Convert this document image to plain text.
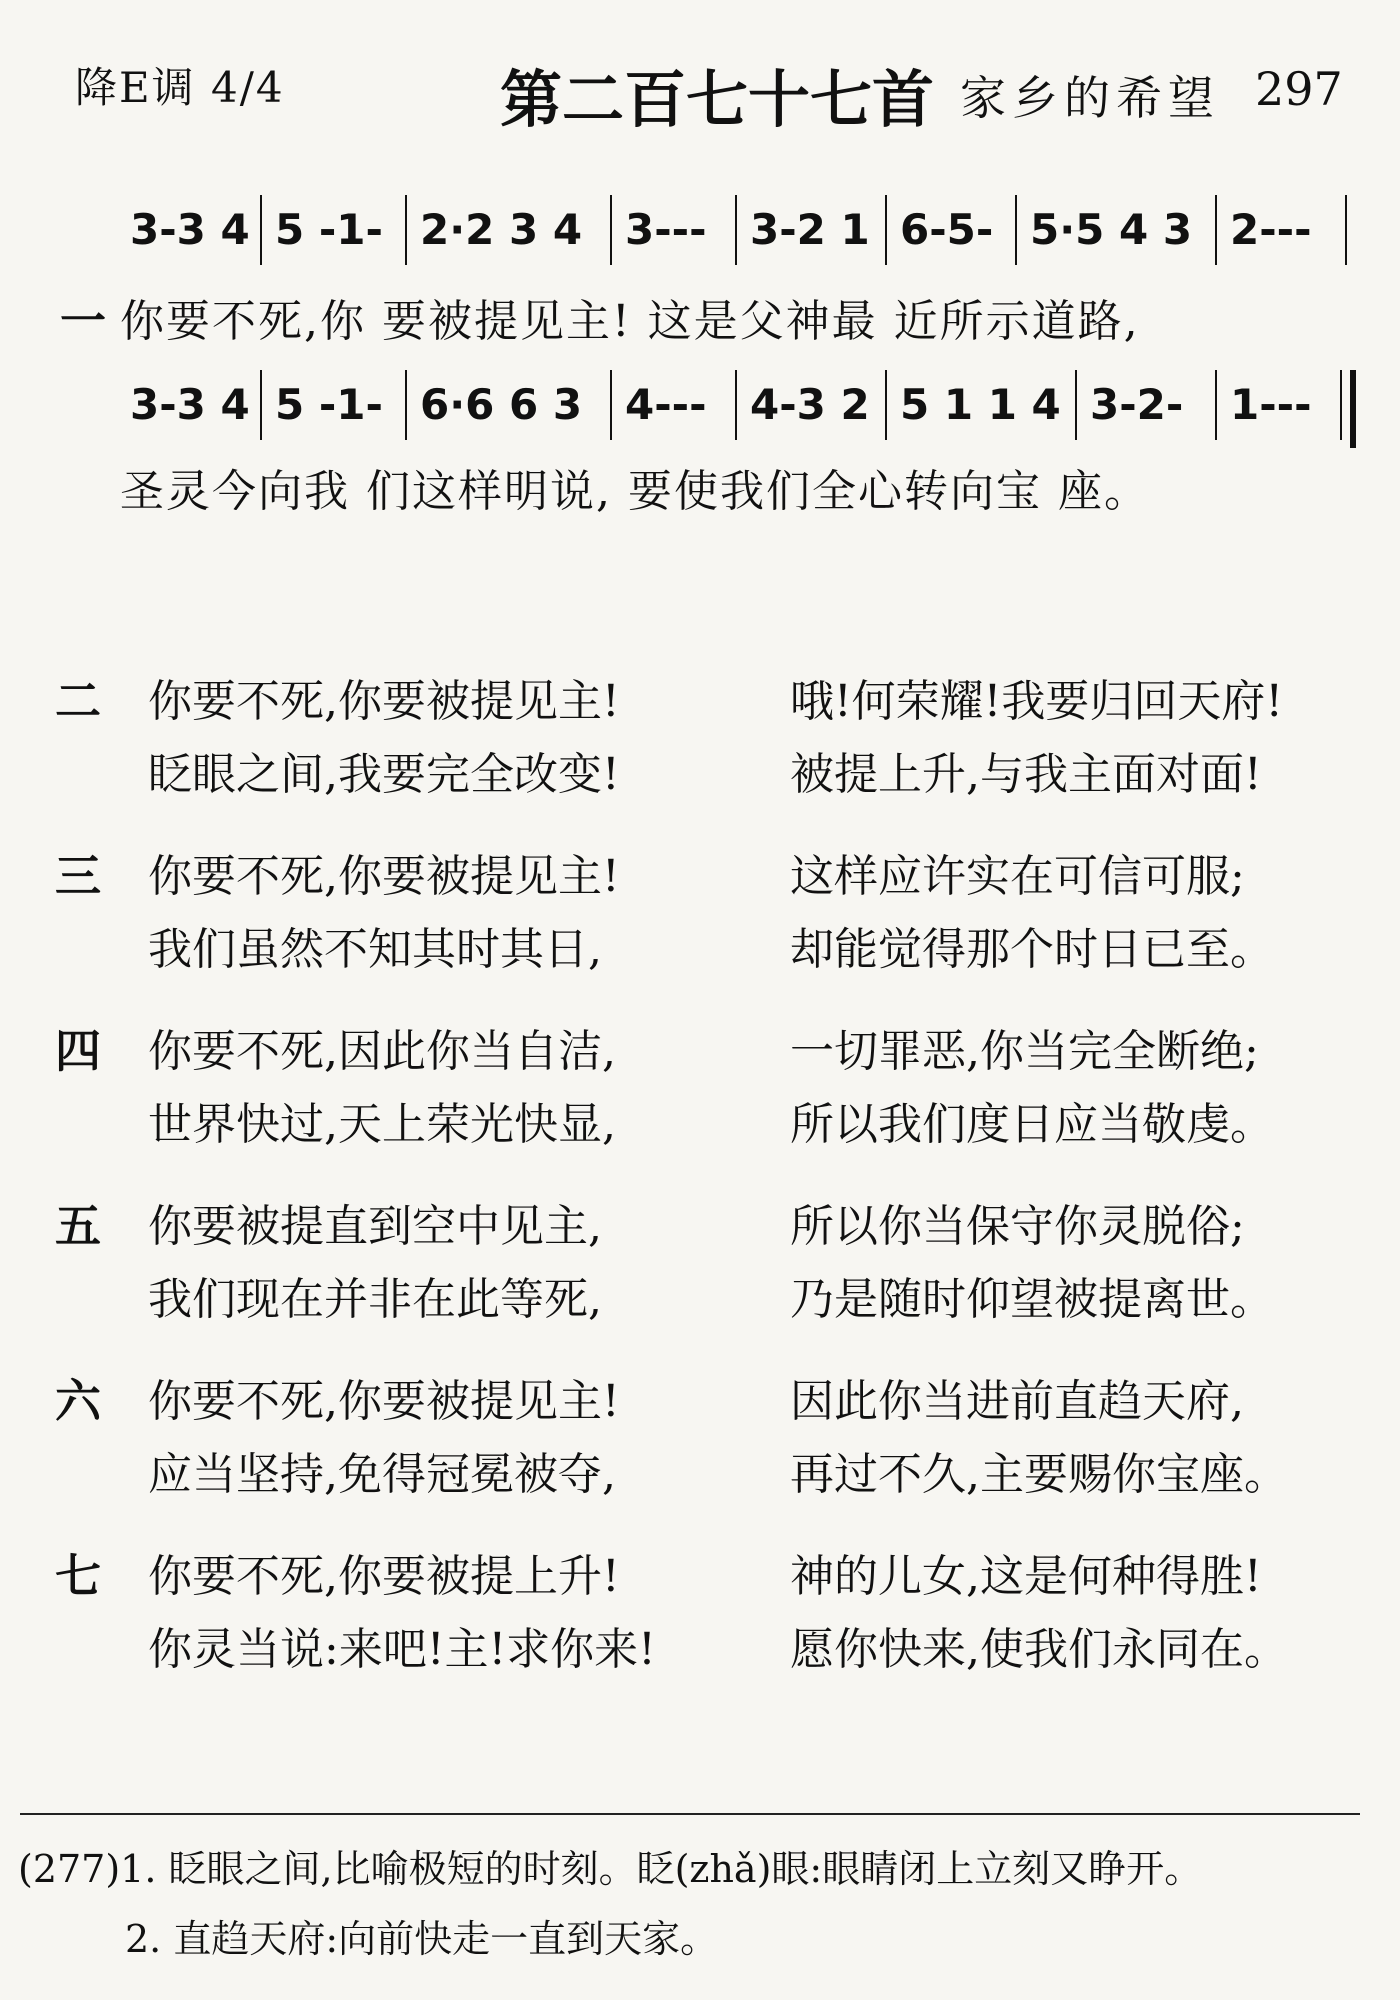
降E调 4/4	第二百七十七首 家乡的希望 297
3-3 4 5 -1- 2·2 3 4 3--- 3-2 1 6-5- 5·5 4 3 2---
一 你要不死,你 要被提见主! 这是父神最 近所示道路,
3-3 4 5 -1- 6·6 6 3 4--- 4-3 2 5 1 1 4 3-2- 1---
圣灵今向我 们这样明说, 要使我们全心转向宝 座。
二 你要不死,你要被提见主!
眨眼之间,我要完全改变!
哦!何荣耀!我要归回天府!
被提上升,与我主面对面!
三 你要不死,你要被提见主!
我们虽然不知其时其日,
这样应许实在可信可服;
却能觉得那个时日已至。
四 你要不死,因此你当自洁,
世界快过,天上荣光快显,
一切罪恶,你当完全断绝;
所以我们度日应当敬虔。
五 你要被提直到空中见主,
我们现在并非在此等死,
所以你当保守你灵脱俗;
乃是随时仰望被提离世。
六 你要不死,你要被提见主!
应当坚持,免得冠冕被夺,
因此你当进前直趋天府,
再过不久,主要赐你宝座。
七 你要不死,你要被提上升!
你灵当说:来吧!主!求你来!
神的儿女,这是何种得胜!
愿你快来,使我们永同在。
(277)1. 眨眼之间,比喻极短的时刻。眨(zhǎ)眼:眼睛闭上立刻又睁开。
2. 直趋天府:向前快走一直到天家。
